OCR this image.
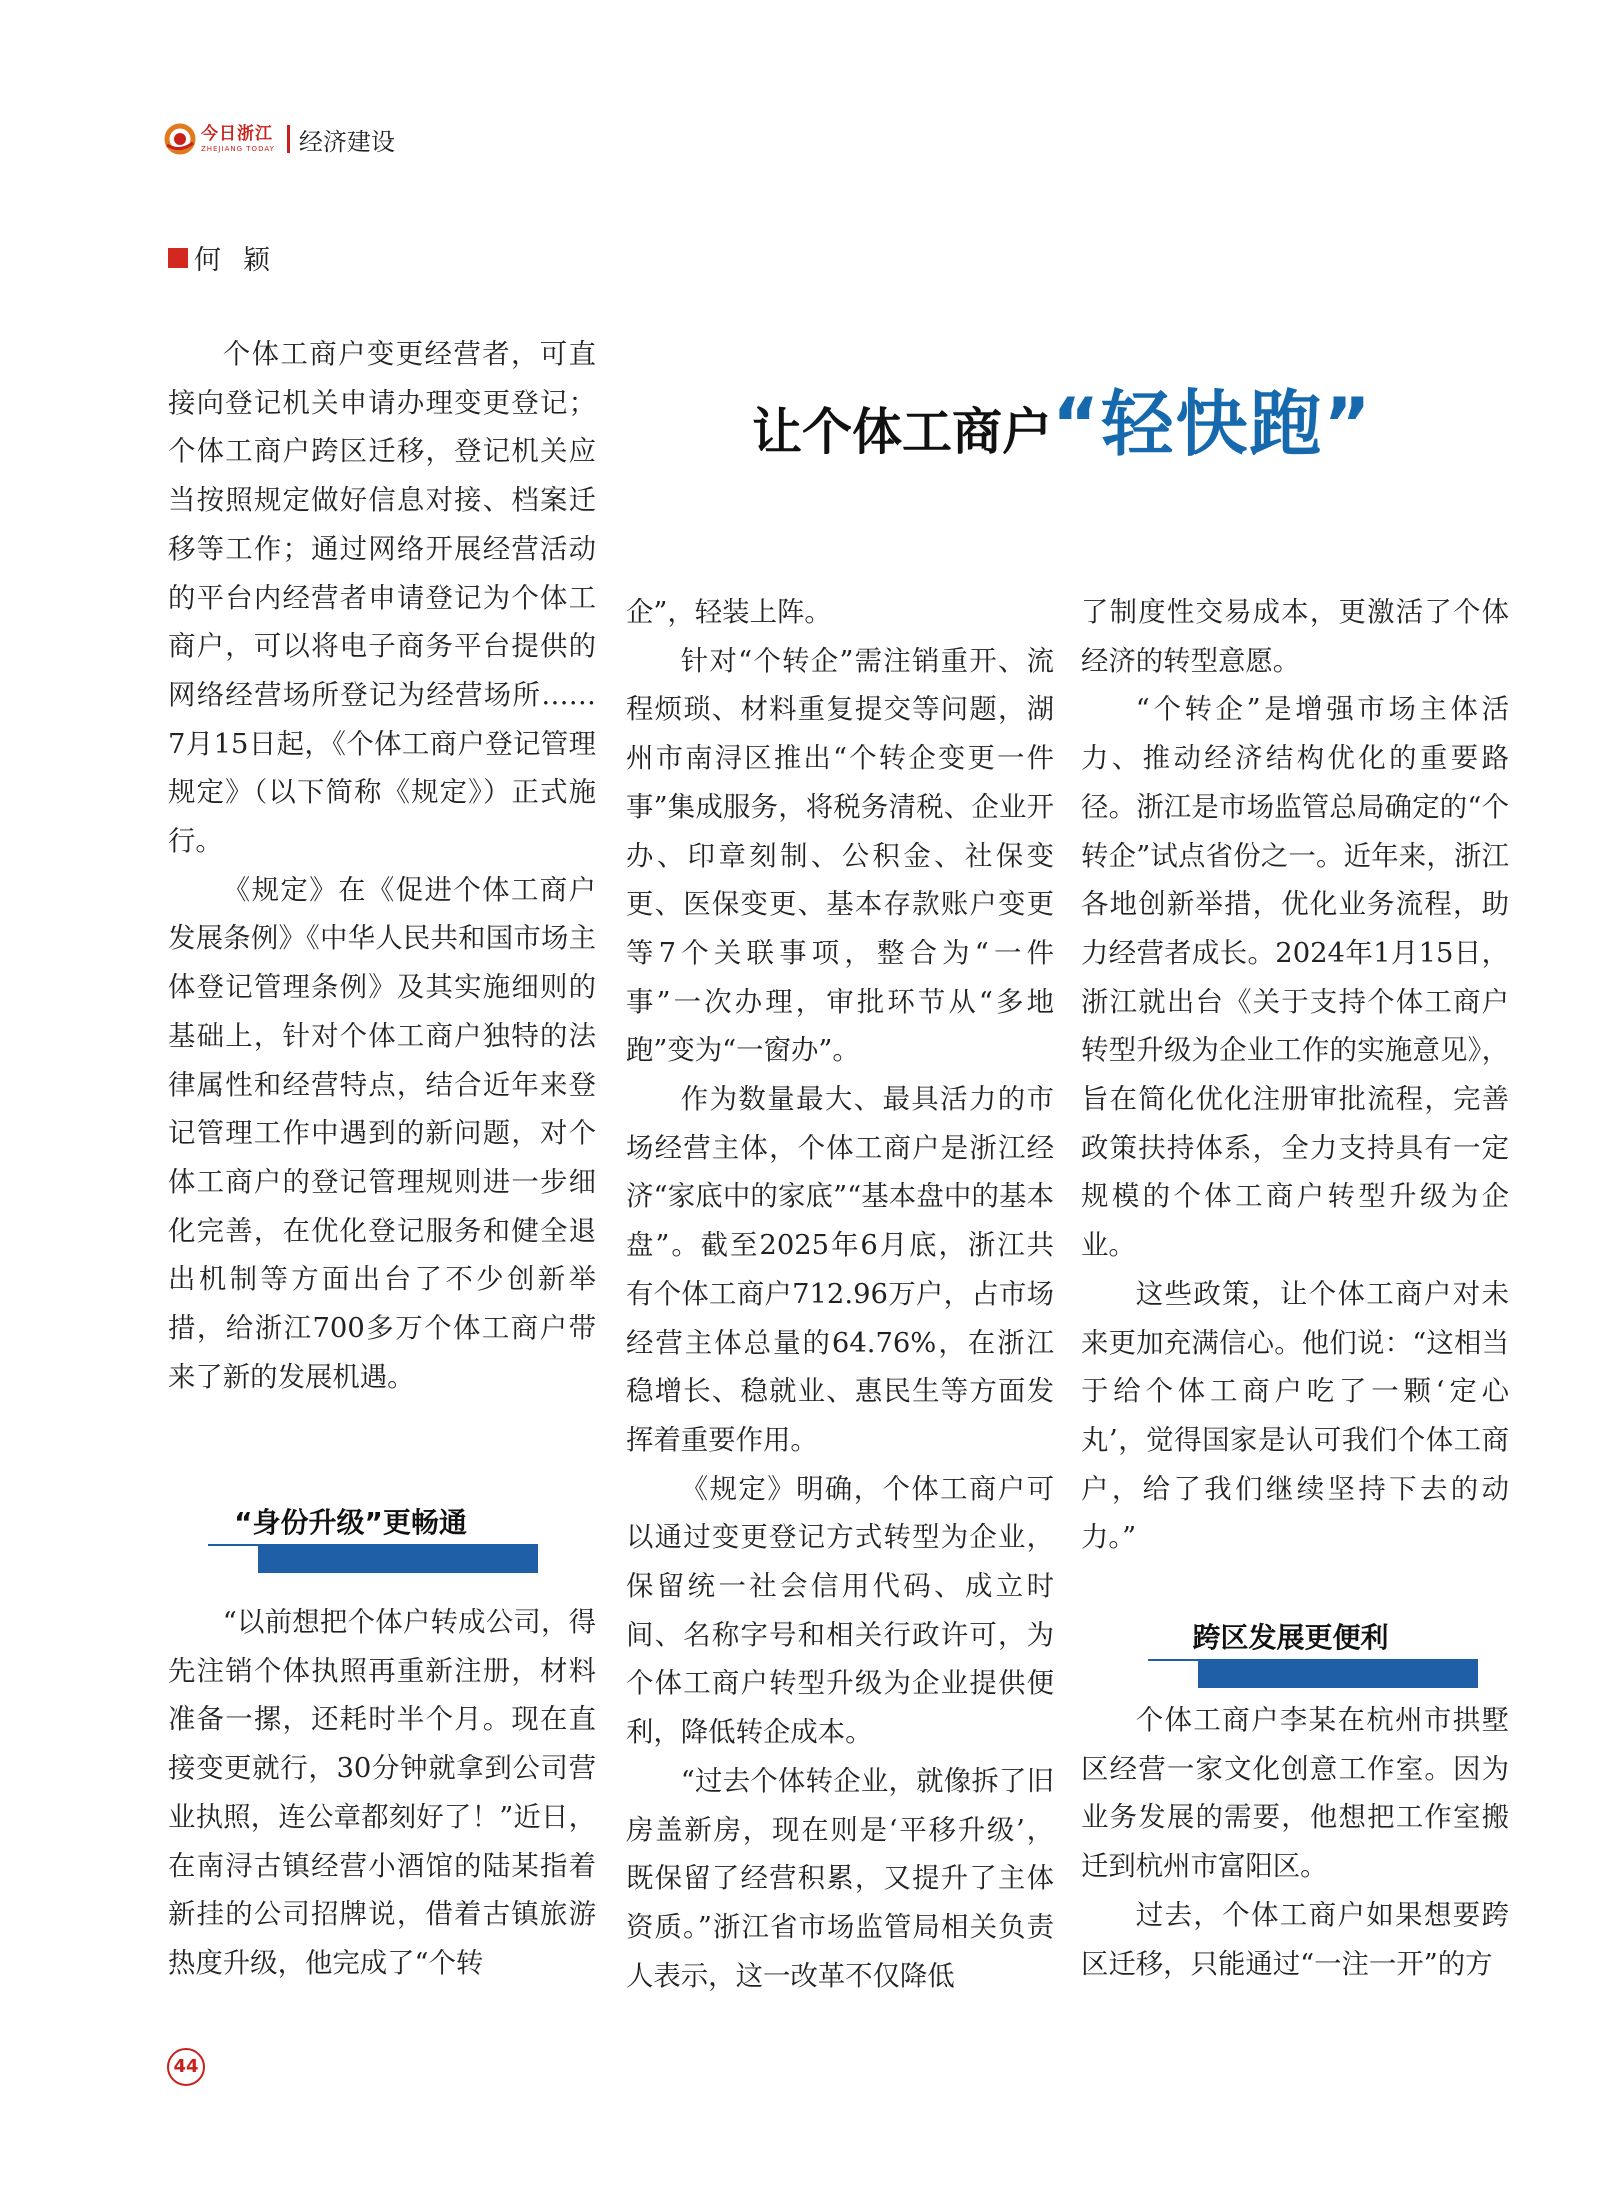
今日浙江
ZHEJIANG TODAY 经济建设
何颖
让个体工商户“轻快跑”

个体工商户变更经营者，可直接向登记机关申请办理变更登记；个体工商户跨区迁移，登记机关应当按照规定做好信息对接、档案迁移等工作；通过网络开展经营活动的平台内经营者申请登记为个体工商户，可以将电子商务平台提供的网络经营场所登记为经营场所……7月15日起，《个体工商户登记管理规定》（以下简称《规定》）正式施行。

《规定》在《促进个体工商户发展条例》《中华人民共和国市场主体登记管理条例》及其实施细则的基础上，针对个体工商户独特的法律属性和经营特点，结合近年来登记管理工作中遇到的新问题，对个体工商户的登记管理规则进一步细化完善，在优化登记服务和健全退出机制等方面出台了不少创新举措，给浙江700多万个体工商户带来了新的发展机遇。

“身份升级”更畅通

“以前想把个体户转成公司，得先注销个体执照再重新注册，材料准备一摞，还耗时半个月。现在直接变更就行，30分钟就拿到公司营业执照，连公章都刻好了！”近日，在南浔古镇经营小酒馆的陆某指着新挂的公司招牌说，借着古镇旅游热度升级，他完成了“个转

企”，轻装上阵。

针对“个转企”需注销重开、流程烦琐、材料重复提交等问题，湖州市南浔区推出“个转企变更一件事”集成服务，将税务清税、企业开办、印章刻制、公积金、社保变更、医保变更、基本存款账户变更等7个关联事项，整合为“一件事”一次办理，审批环节从“多地跑”变为“一窗办”。

作为数量最大、最具活力的市场经营主体，个体工商户是浙江经济“家底中的家底”“基本盘中的基本盘”。截至2025年6月底，浙江共有个体工商户712.96万户，占市场经营主体总量的64.76%，在浙江稳增长、稳就业、惠民生等方面发挥着重要作用。

《规定》明确，个体工商户可以通过变更登记方式转型为企业，保留统一社会信用代码、成立时间、名称字号和相关行政许可，为个体工商户转型升级为企业提供便利，降低转企成本。

“过去个体转企业，就像拆了旧房盖新房，现在则是‘平移升级’，既保留了经营积累，又提升了主体资质。”浙江省市场监管局相关负责人表示，这一改革不仅降低

了制度性交易成本，更激活了个体经济的转型意愿。

“个转企”是增强市场主体活力、推动经济结构优化的重要路径。浙江是市场监管总局确定的“个转企”试点省份之一。近年来，浙江各地创新举措，优化业务流程，助力经营者成长。2024年1月15日，浙江就出台《关于支持个体工商户转型升级为企业工作的实施意见》，旨在简化优化注册审批流程，完善政策扶持体系，全力支持具有一定规模的个体工商户转型升级为企业。

这些政策，让个体工商户对未来更加充满信心。他们说：“这相当于给个体工商户吃了一颗‘定心丸’，觉得国家是认可我们个体工商户，给了我们继续坚持下去的动力。”

跨区发展更便利

个体工商户李某在杭州市拱墅区经营一家文化创意工作室。因为业务发展的需要，他想把工作室搬迁到杭州市富阳区。

过去，个体工商户如果想要跨区迁移，只能通过“一注一开”的方

44
